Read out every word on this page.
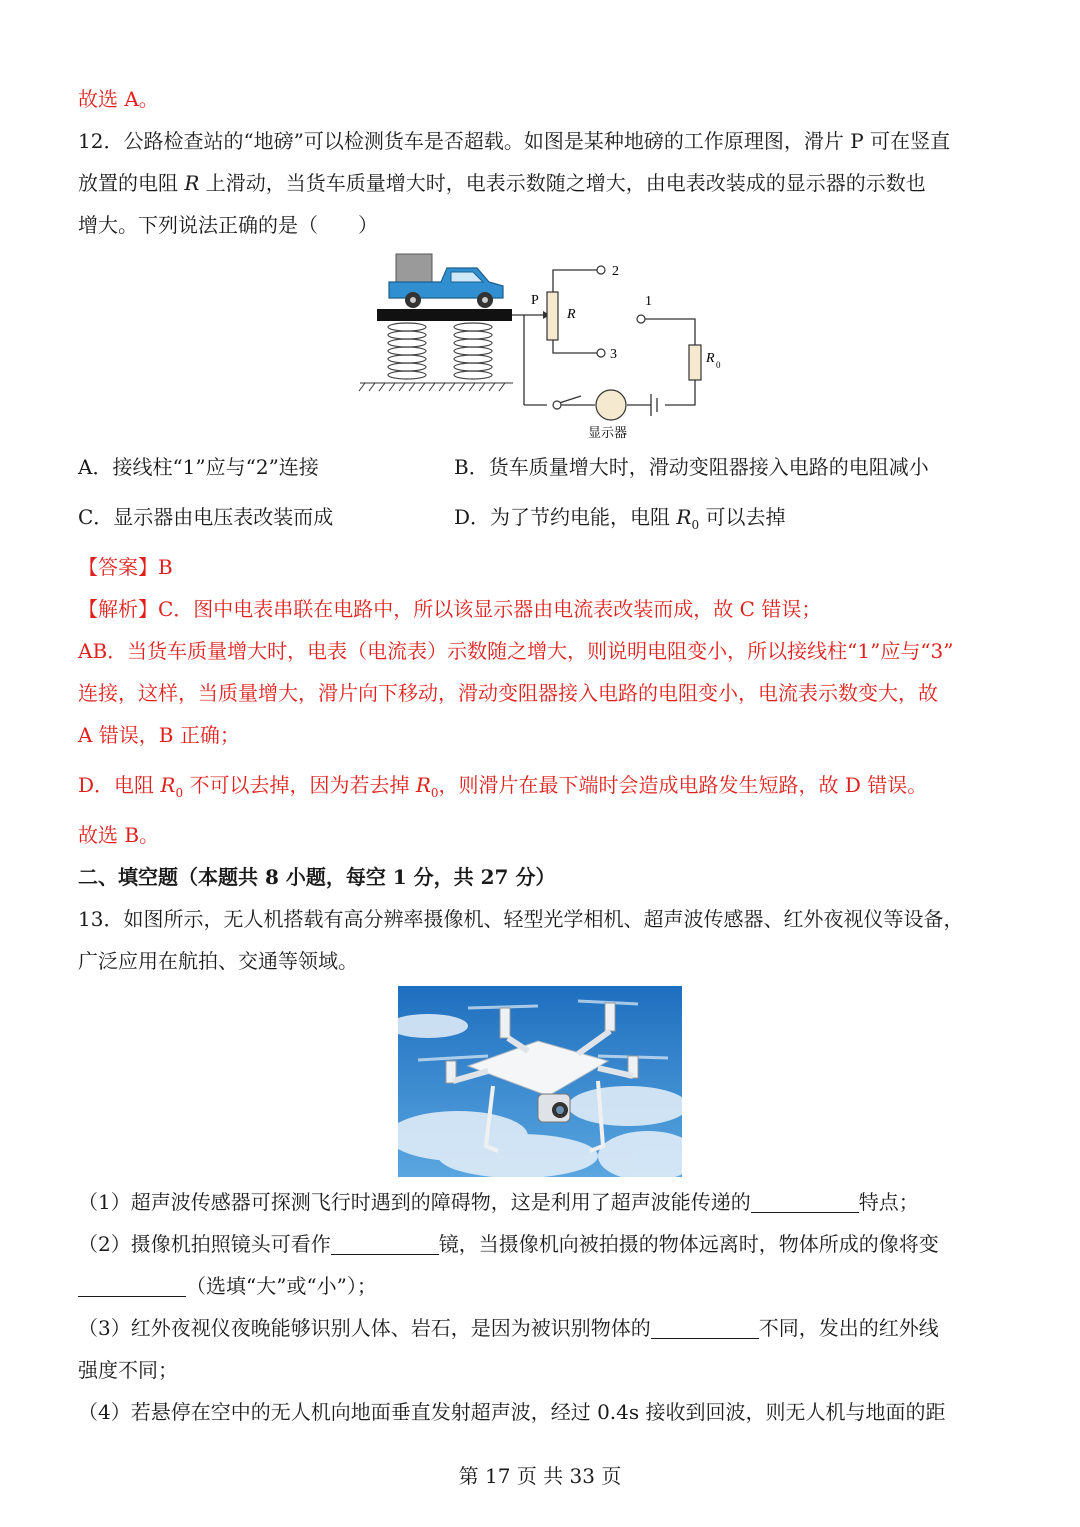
故选 A。
12．公路检查站的“地磅”可以检测货车是否超载。如图是某种地磅的工作原理图，滑片 P 可在竖直
放置的电阻 R 上滑动，当货车质量增大时，电表示数随之增大，由电表改装成的显示器的示数也
增大。下列说法正确的是（　　）
P
R
2
3
1
R 0
显示器
A．接线柱“1”应与“2”连接	B．货车质量增大时，滑动变阻器接入电路的电阻减小
C．显示器由电压表改装而成	D．为了节约电能，电阻 $R_0$ 可以去掉
【答案】B
【解析】C．图中电表串联在电路中，所以该显示器由电流表改装而成，故 C 错误；
AB．当货车质量增大时，电表（电流表）示数随之增大，则说明电阻变小，所以接线柱“1”应与“3”
连接，这样，当质量增大，滑片向下移动，滑动变阻器接入电路的电阻变小，电流表示数变大，故
A 错误，B 正确；
D．电阻 $R_0$ 不可以去掉，因为若去掉 $R_0$，则滑片在最下端时会造成电路发生短路，故 D 错误。
故选 B。
二、填空题（本题共 8 小题，每空 1 分，共 27 分）
13．如图所示，无人机搭载有高分辨率摄像机、轻型光学相机、超声波传感器、红外夜视仪等设备，
广泛应用在航拍、交通等领域。
（1）超声波传感器可探测飞行时遇到的障碍物，这是利用了超声波能传递的	特点；
（2）摄像机拍照镜头可看作	镜，当摄像机向被拍摄的物体远离时，物体所成的像将变
（选填“大”或“小”）；
（3）红外夜视仪夜晚能够识别人体、岩石，是因为被识别物体的	不同，发出的红外线
强度不同；
（4）若悬停在空中的无人机向地面垂直发射超声波，经过 0.4s 接收到回波，则无人机与地面的距
第 17 页 共 33 页
